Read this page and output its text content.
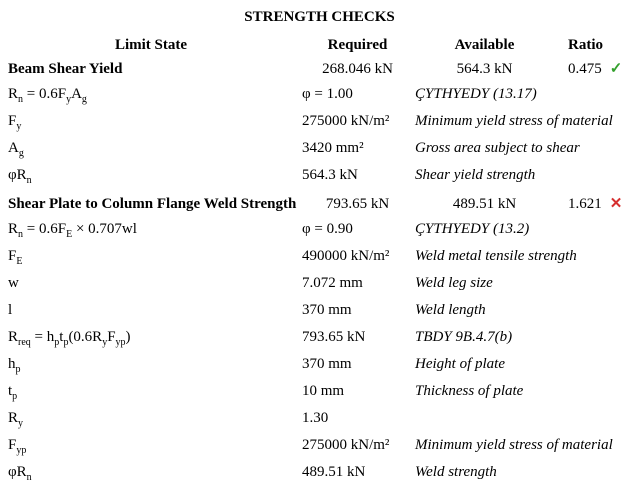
STRENGTH CHECKS
Limit State	Required	Available	Ratio
Beam Shear Yield	268.046 kN	564.3 kN	0.475 ✓
$R_n = 0.6F_yA_g$	φ = 1.00	ÇYTHYEDY (13.17)
$F_y$	275000 kN/m²	Minimum yield stress of material
$A_g$	3420 mm²	Gross area subject to shear
$\varphi R_n$	564.3 kN	Shear yield strength
Shear Plate to Column Flange Weld Strength	793.65 kN	489.51 kN	1.621 ✕
$R_n = 0.6F_E \times 0.707wl$	φ = 0.90	ÇYTHYEDY (13.2)
$F_E$	490000 kN/m²	Weld metal tensile strength
w	7.072 mm	Weld leg size
l	370 mm	Weld length
$R_{req} = h_pt_p(0.6R_yF_{yp})$	793.65 kN	TBDY 9B.4.7(b)
$h_p$	370 mm	Height of plate
$t_p$	10 mm	Thickness of plate
$R_y$	1.30
$F_{yp}$	275000 kN/m²	Minimum yield stress of material
$\varphi R_n$	489.51 kN	Weld strength
